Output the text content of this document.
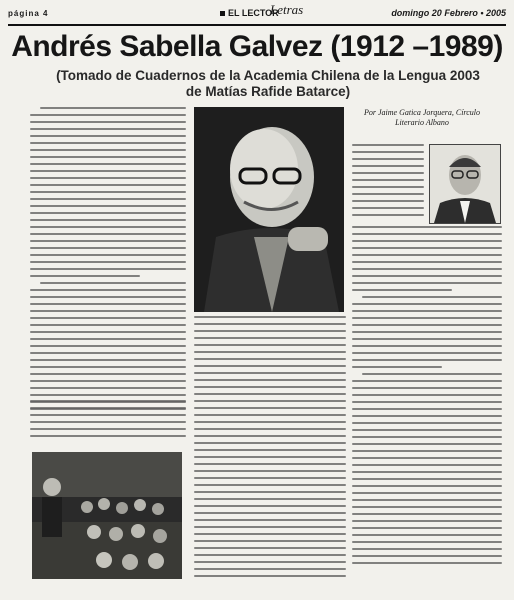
página 4	EL LECTOR
Letras	domingo 20 Febrero • 2005
Andrés Sabella Galvez (1912 –1989)
(Tomado de Cuadernos de la Academia Chilena de la Lengua 2003 de Matías Rafide Batarce)
Por Jaime Gatica Jorquera, Círculo Literario Albano
